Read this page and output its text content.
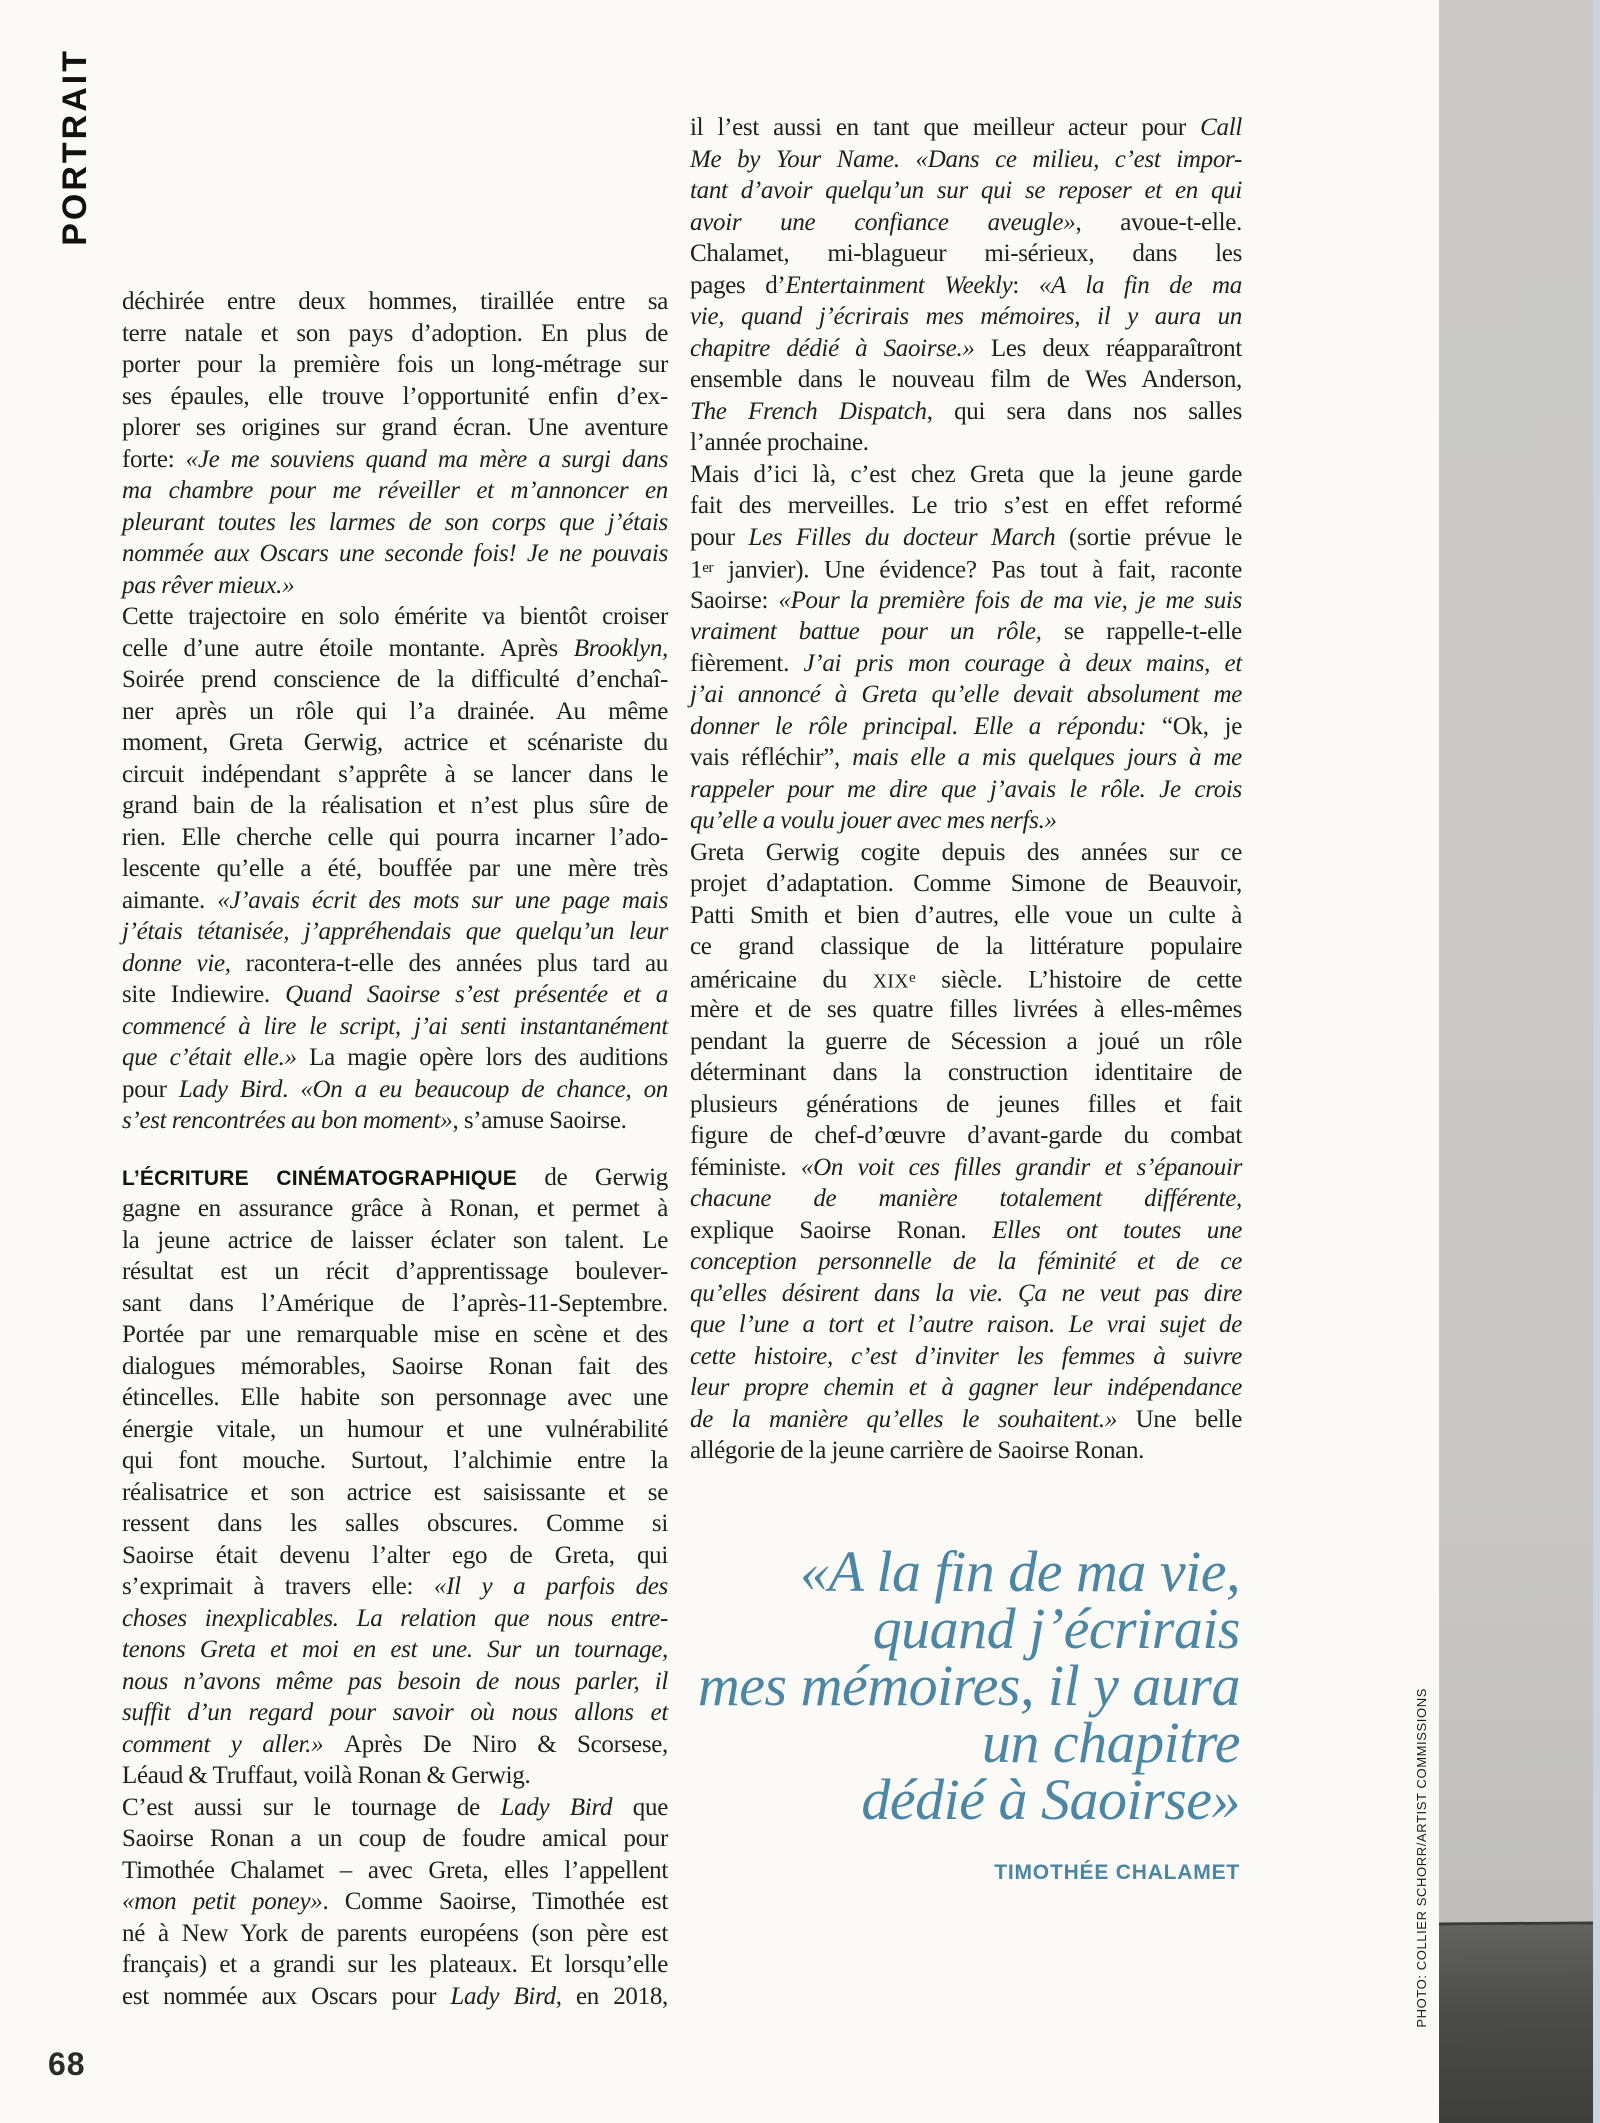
PORTRAIT
déchirée entre deux hommes, tiraillée entre sa
terre natale et son pays d’adoption. En plus de
porter pour la première fois un long-métrage sur
ses épaules, elle trouve l’opportunité enfin d’ex-
plorer ses origines sur grand écran. Une aventure
forte: «Je me souviens quand ma mère a surgi dans
ma chambre pour me réveiller et m’annoncer en
pleurant toutes les larmes de son corps que j’étais
nommée aux Oscars une seconde fois! Je ne pouvais
pas rêver mieux.»
Cette trajectoire en solo émérite va bientôt croiser
celle d’une autre étoile montante. Après Brooklyn,
Soirée prend conscience de la difficulté d’enchaî-
ner après un rôle qui l’a drainée. Au même
moment, Greta Gerwig, actrice et scénariste du
circuit indépendant s’apprête à se lancer dans le
grand bain de la réalisation et n’est plus sûre de
rien. Elle cherche celle qui pourra incarner l’ado-
lescente qu’elle a été, bouffée par une mère très
aimante. «J’avais écrit des mots sur une page mais
j’étais tétanisée, j’appréhendais que quelqu’un leur
donne vie, racontera-t-elle des années plus tard au
site Indiewire. Quand Saoirse s’est présentée et a
commencé à lire le script, j’ai senti instantanément
que c’était elle.» La magie opère lors des auditions
pour Lady Bird. «On a eu beaucoup de chance, on
s’est rencontrées au bon moment», s’amuse Saoirse.
L’ÉCRITURE CINÉMATOGRAPHIQUE de Gerwig
gagne en assurance grâce à Ronan, et permet à
la jeune actrice de laisser éclater son talent. Le
résultat est un récit d’apprentissage boulever-
sant dans l’Amérique de l’après-11-Septembre.
Portée par une remarquable mise en scène et des
dialogues mémorables, Saoirse Ronan fait des
étincelles. Elle habite son personnage avec une
énergie vitale, un humour et une vulnérabilité
qui font mouche. Surtout, l’alchimie entre la
réalisatrice et son actrice est saisissante et se
ressent dans les salles obscures. Comme si
Saoirse était devenu l’alter ego de Greta, qui
s’exprimait à travers elle: «Il y a parfois des
choses inexplicables. La relation que nous entre-
tenons Greta et moi en est une. Sur un tournage,
nous n’avons même pas besoin de nous parler, il
suffit d’un regard pour savoir où nous allons et
comment y aller.» Après De Niro & Scorsese,
Léaud & Truffaut, voilà Ronan & Gerwig.
C’est aussi sur le tournage de Lady Bird que
Saoirse Ronan a un coup de foudre amical pour
Timothée Chalamet – avec Greta, elles l’appellent
«mon petit poney». Comme Saoirse, Timothée est
né à New York de parents européens (son père est
français) et a grandi sur les plateaux. Et lorsqu’elle
est nommée aux Oscars pour Lady Bird, en 2018,
il l’est aussi en tant que meilleur acteur pour Call
Me by Your Name. «Dans ce milieu, c’est impor-
tant d’avoir quelqu’un sur qui se reposer et en qui
avoir une confiance aveugle», avoue-t-elle.
Chalamet, mi-blagueur mi-sérieux, dans les
pages d’Entertainment Weekly: «A la fin de ma
vie, quand j’écrirais mes mémoires, il y aura un
chapitre dédié à Saoirse.» Les deux réapparaîtront
ensemble dans le nouveau film de Wes Anderson,
The French Dispatch, qui sera dans nos salles
l’année prochaine.
Mais d’ici là, c’est chez Greta que la jeune garde
fait des merveilles. Le trio s’est en effet reformé
pour Les Filles du docteur March (sortie prévue le
1er janvier). Une évidence? Pas tout à fait, raconte
Saoirse: «Pour la première fois de ma vie, je me suis
vraiment battue pour un rôle, se rappelle-t-elle
fièrement. J’ai pris mon courage à deux mains, et
j’ai annoncé à Greta qu’elle devait absolument me
donner le rôle principal. Elle a répondu: “Ok, je
vais réfléchir”, mais elle a mis quelques jours à me
rappeler pour me dire que j’avais le rôle. Je crois
qu’elle a voulu jouer avec mes nerfs.»
Greta Gerwig cogite depuis des années sur ce
projet d’adaptation. Comme Simone de Beauvoir,
Patti Smith et bien d’autres, elle voue un culte à
ce grand classique de la littérature populaire
américaine du XIXe siècle. L’histoire de cette
mère et de ses quatre filles livrées à elles-mêmes
pendant la guerre de Sécession a joué un rôle
déterminant dans la construction identitaire de
plusieurs générations de jeunes filles et fait
figure de chef-d’œuvre d’avant-garde du combat
féministe. «On voit ces filles grandir et s’épanouir
chacune de manière totalement différente,
explique Saoirse Ronan. Elles ont toutes une
conception personnelle de la féminité et de ce
qu’elles désirent dans la vie. Ça ne veut pas dire
que l’une a tort et l’autre raison. Le vrai sujet de
cette histoire, c’est d’inviter les femmes à suivre
leur propre chemin et à gagner leur indépendance
de la manière qu’elles le souhaitent.» Une belle
allégorie de la jeune carrière de Saoirse Ronan.
«A la fin de ma vie,
quand j’écrirais
mes mémoires, il y aura
un chapitre
dédié à Saoirse»
TIMOTHÉE CHALAMET
68
PHOTO: COLLIER SCHORR/ARTIST COMMISSIONS
